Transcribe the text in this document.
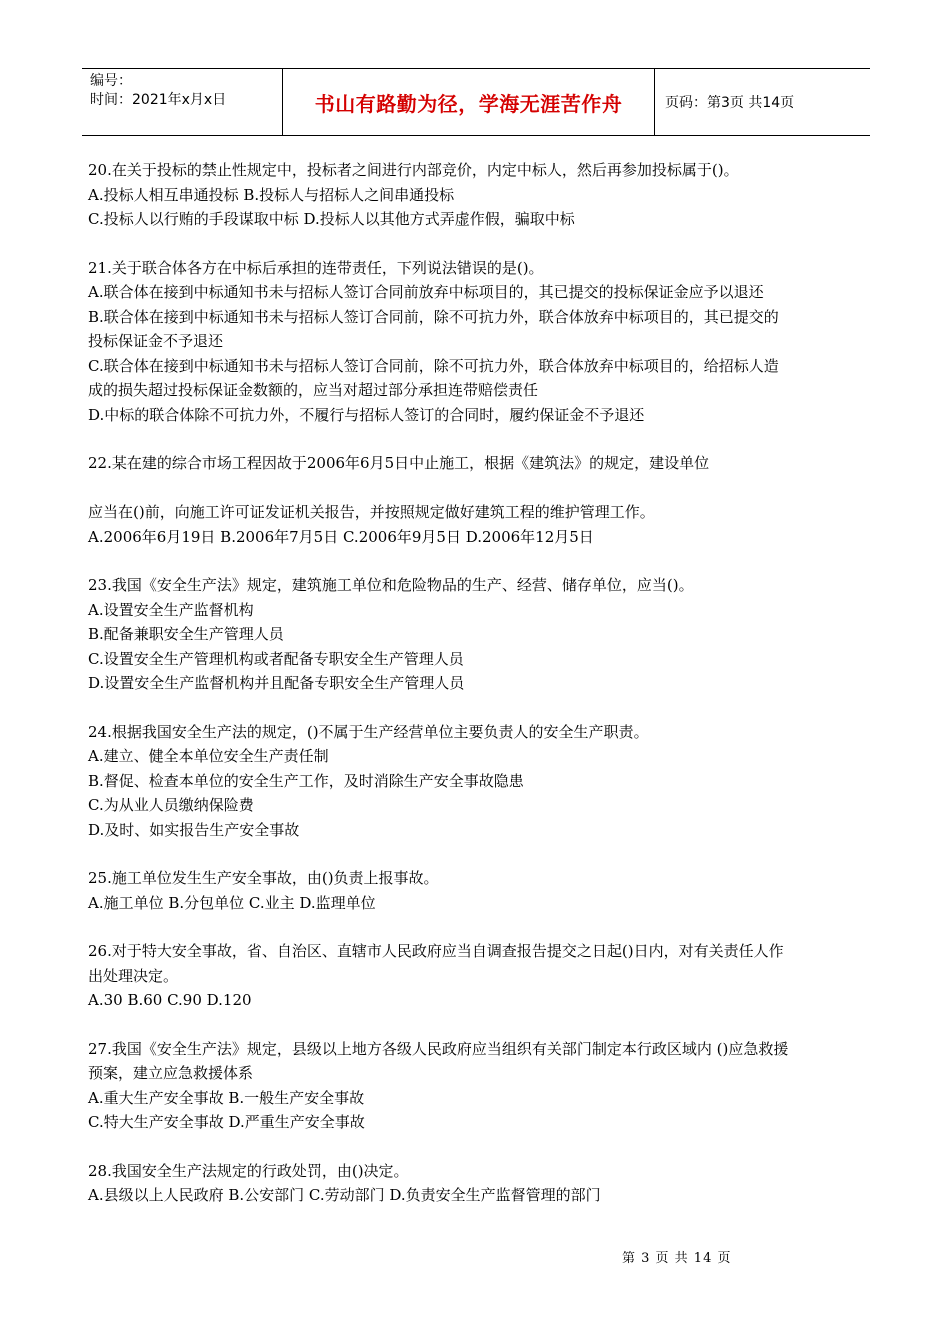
编号：
时间：2021年x月x日	书山有路勤为径，学海无涯苦作舟	页码：第3页 共14页
20.在关于投标的禁止性规定中，投标者之间进行内部竞价，内定中标人，然后再参加投标属于()。
A.投标人相互串通投标 B.投标人与招标人之间串通投标
C.投标人以行贿的手段谋取中标 D.投标人以其他方式弄虚作假，骗取中标
21.关于联合体各方在中标后承担的连带责任，下列说法错误的是()。
A.联合体在接到中标通知书未与招标人签订合同前放弃中标项目的，其已提交的投标保证金应予以退还
B.联合体在接到中标通知书未与招标人签订合同前，除不可抗力外，联合体放弃中标项目的，其已提交的
投标保证金不予退还
C.联合体在接到中标通知书未与招标人签订合同前，除不可抗力外，联合体放弃中标项目的，给招标人造
成的损失超过投标保证金数额的，应当对超过部分承担连带赔偿责任
D.中标的联合体除不可抗力外，不履行与招标人签订的合同时，履约保证金不予退还
22.某在建的综合市场工程因故于2006年6月5日中止施工，根据《建筑法》的规定，建设单位
应当在()前，向施工许可证发证机关报告，并按照规定做好建筑工程的维护管理工作。
A.2006年6月19日 B.2006年7月5日 C.2006年9月5日 D.2006年12月5日
23.我国《安全生产法》规定，建筑施工单位和危险物品的生产、经营、储存单位，应当()。
A.设置安全生产监督机构
B.配备兼职安全生产管理人员
C.设置安全生产管理机构或者配备专职安全生产管理人员
D.设置安全生产监督机构并且配备专职安全生产管理人员
24.根据我国安全生产法的规定，()不属于生产经营单位主要负责人的安全生产职责。
A.建立、健全本单位安全生产责任制
B.督促、检查本单位的安全生产工作，及时消除生产安全事故隐患
C.为从业人员缴纳保险费
D.及时、如实报告生产安全事故
25.施工单位发生生产安全事故，由()负责上报事故。
A.施工单位 B.分包单位 C.业主 D.监理单位
26.对于特大安全事故，省、自治区、直辖市人民政府应当自调查报告提交之日起()日内，对有关责任人作
出处理决定。
A.30 B.60 C.90 D.120
27.我国《安全生产法》规定，县级以上地方各级人民政府应当组织有关部门制定本行政区域内 ()应急救援
预案，建立应急救援体系
A.重大生产安全事故 B.一般生产安全事故
C.特大生产安全事故 D.严重生产安全事故
28.我国安全生产法规定的行政处罚，由()决定。
A.县级以上人民政府 B.公安部门 C.劳动部门 D.负责安全生产监督管理的部门
第 3 页 共 14 页
